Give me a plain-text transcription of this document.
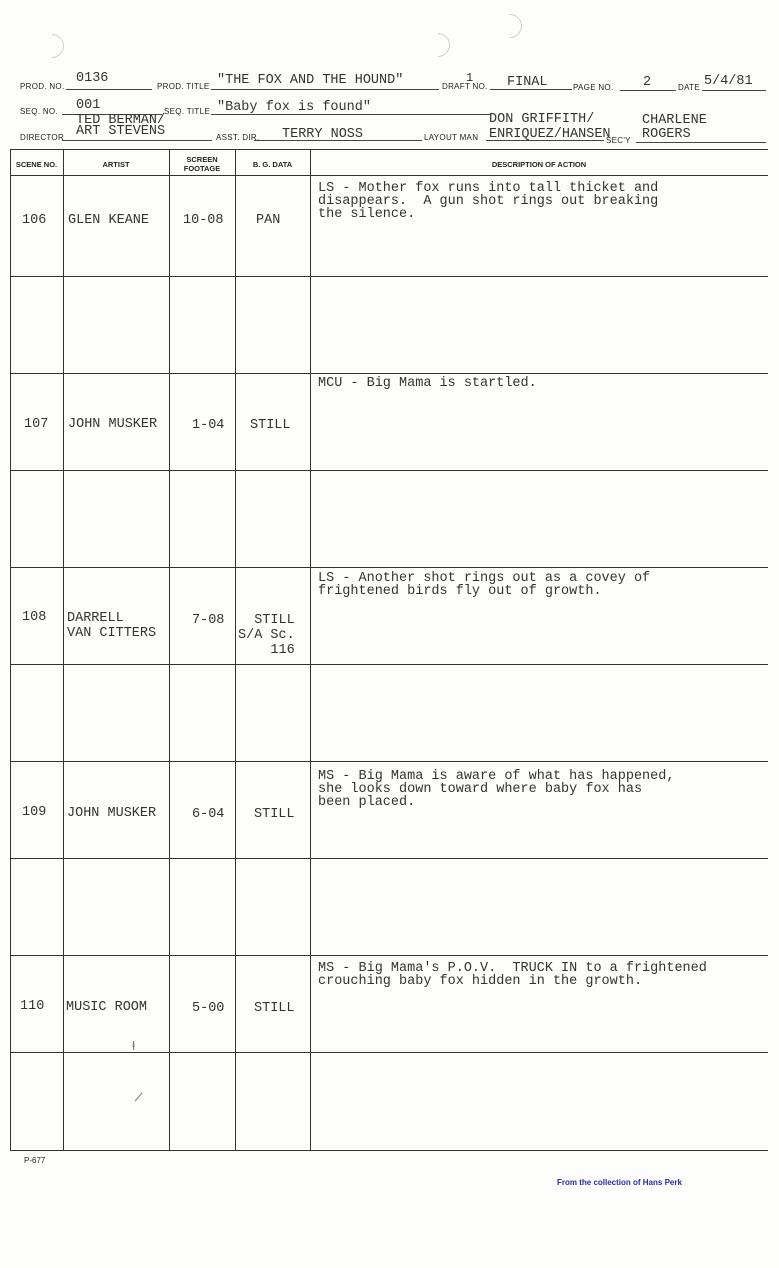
PROD. NO.
0136
PROD. TITLE "THE FOX AND THE HOUND"	DRAFT NO.
1	FINAL	PAGE NO. 2	DATE 5/4/81
SEQ. NO. 001	SEQ. TITLE "Baby fox is found"
DIRECTOR
TED BERMAN/
ART STEVENS	ASST. DIR. TERRY NOSS	LAYOUT MAN
DON GRIFFITH/
ENRIQUEZ/HANSEN
SEC'Y
CHARLENE
ROGERS
SCENE NO.	ARTIST	SCREEN FOOTAGE	B. G. DATA	DESCRIPTION OF ACTION
106 GLEN KEANE	10-08 PAN
LS - Mother fox runs into tall thicket and
disappears.  A gun shot rings out breaking
the silence.
107 JOHN MUSKER	1-04 STILL
MCU - Big Mama is startled.
108 DARRELL
VAN CITTERS
7-08	STILL
S/A Sc.
116
LS - Another shot rings out as a covey of
frightened birds fly out of growth.
109 JOHN MUSKER	6-04 STILL
MS - Big Mama is aware of what has happened,
she looks down toward where baby fox has
been placed.
110 MUSIC ROOM	5-00 STILL
MS - Big Mama's P.O.V.  TRUCK IN to a frightened
crouching baby fox hidden in the growth.
ⱡ
|
P-677
From the collection of Hans Perk
